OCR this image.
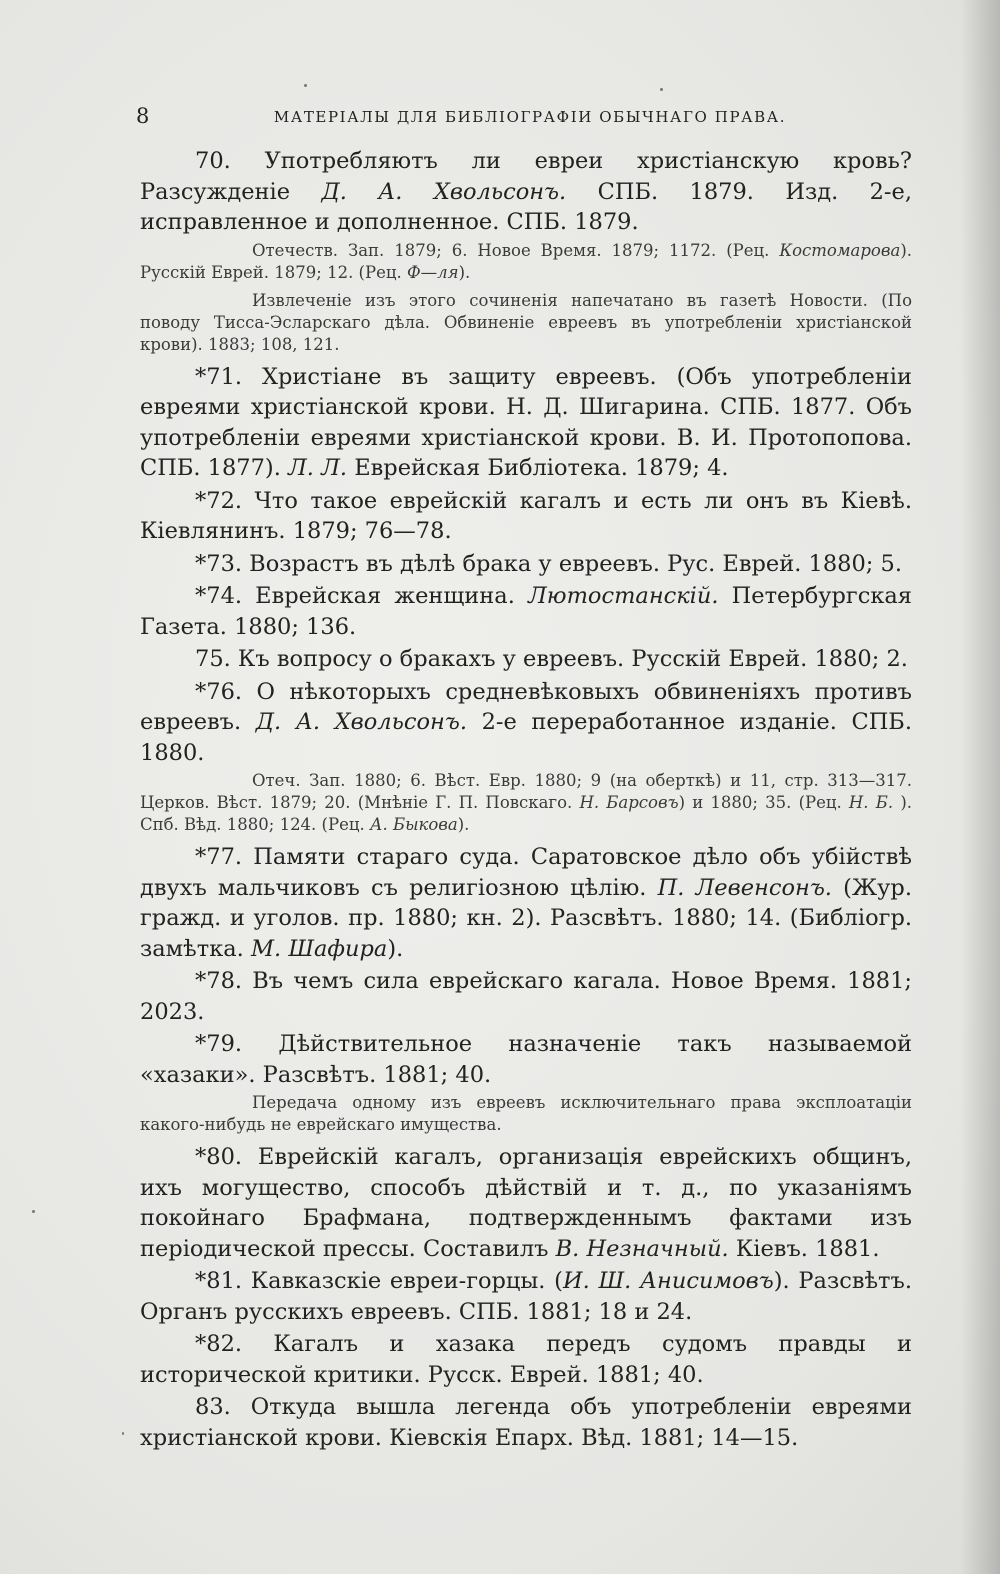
8	МАТЕРІАЛЫ ДЛЯ БИБЛІОГРАФІИ ОБЫЧНАГО ПРАВА.

70. Употребляютъ ли евреи христіанскую кровь? Разсужденіе Д. А. Хвольсонъ. СПБ. 1879. Изд. 2-е, исправленное и дополненное. СПБ. 1879.

Отечеств. Зап. 1879; 6. Новое Время. 1879; 1172. (Рец. Костомарова). Русскій Еврей. 1879; 12. (Рец. Ф—ля).

Извлеченіе изъ этого сочиненія напечатано въ газетѣ Новости. (По поводу Тисса-Эсларскаго дѣла. Обвиненіе евреевъ въ употребленіи христіанской крови). 1883; 108, 121.

*71. Христіане въ защиту евреевъ. (Объ употребленіи евреями христіанской крови. Н. Д. Шигарина. СПБ. 1877. Объ употребленіи евреями христіанской крови. В. И. Протопопова. СПБ. 1877). Л. Л. Еврейская Библіотека. 1879; 4.

*72. Что такое еврейскій кагалъ и есть ли онъ въ Кіевѣ. Кіевлянинъ. 1879; 76—78.

*73. Возрастъ въ дѣлѣ брака у евреевъ. Рус. Еврей. 1880; 5.

*74. Еврейская женщина. Лютостанскій. Петербургская Газета. 1880; 136.

75. Къ вопросу о бракахъ у евреевъ. Русскій Еврей. 1880; 2.

*76. О нѣкоторыхъ средневѣковыхъ обвиненіяхъ противъ евреевъ. Д. А. Хвольсонъ. 2-е переработанное изданіе. СПБ. 1880.

Отеч. Зап. 1880; 6. Вѣст. Евр. 1880; 9 (на оберткѣ) и 11, стр. 313—317. Церков. Вѣст. 1879; 20. (Мнѣніе Г. П. Повскаго. Н. Барсовъ) и 1880; 35. (Рец. Н. Б. ). Спб. Вѣд. 1880; 124. (Рец. А. Быкова).

*77. Памяти стараго суда. Саратовское дѣло объ убійствѣ двухъ мальчиковъ съ религіозною цѣлію. П. Левенсонъ. (Жур. гражд. и уголов. пр. 1880; кн. 2). Разсвѣтъ. 1880; 14. (Библіогр. замѣтка. М. Шафира).

*78. Въ чемъ сила еврейскаго кагала. Новое Время. 1881; 2023.

*79. Дѣйствительное назначеніе такъ называемой «хазаки». Разсвѣтъ. 1881; 40.

Передача одному изъ евреевъ исключительнаго права эксплоатаціи какого-нибудь не еврейскаго имущества.

*80. Еврейскій кагалъ, организація еврейскихъ общинъ, ихъ могущество, способъ дѣйствій и т. д., по указаніямъ покойнаго Брафмана, подтвержденнымъ фактами изъ періодической прессы. Составилъ В. Незначный. Кіевъ. 1881.

*81. Кавказскіе евреи-горцы. (И. Ш. Анисимовъ). Разсвѣтъ. Органъ русскихъ евреевъ. СПБ. 1881; 18 и 24.

*82. Кагалъ и хазака передъ судомъ правды и исторической критики. Русск. Еврей. 1881; 40.

83. Откуда вышла легенда объ употребленіи евреями христіанской крови. Кіевскія Епарх. Вѣд. 1881; 14—15.
